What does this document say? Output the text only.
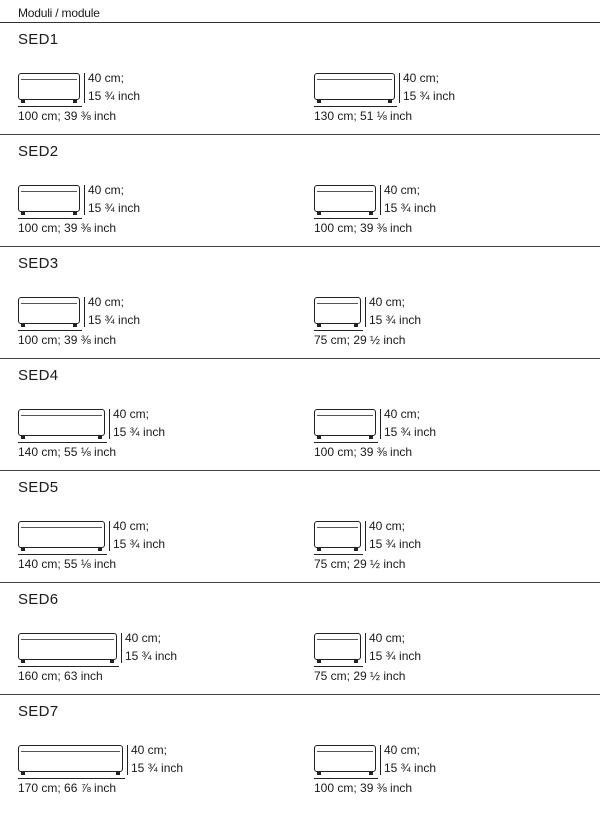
Moduli / module
SED1
40 cm;
15 ¾ inch
100 cm; 39 ⅜ inch
40 cm;
15 ¾ inch
130 cm; 51 ⅛ inch
SED2
40 cm;
15 ¾ inch
100 cm; 39 ⅜ inch
40 cm;
15 ¾ inch
100 cm; 39 ⅜ inch
SED3
40 cm;
15 ¾ inch
100 cm; 39 ⅜ inch
40 cm;
15 ¾ inch
75 cm; 29 ½ inch
SED4
40 cm;
15 ¾ inch
140 cm; 55 ⅛ inch
40 cm;
15 ¾ inch
100 cm; 39 ⅜ inch
SED5
40 cm;
15 ¾ inch
140 cm; 55 ⅛ inch
40 cm;
15 ¾ inch
75 cm; 29 ½ inch
SED6
40 cm;
15 ¾ inch
160 cm; 63 inch
40 cm;
15 ¾ inch
75 cm; 29 ½ inch
SED7
40 cm;
15 ¾ inch
170 cm; 66 ⅞ inch
40 cm;
15 ¾ inch
100 cm; 39 ⅜ inch
